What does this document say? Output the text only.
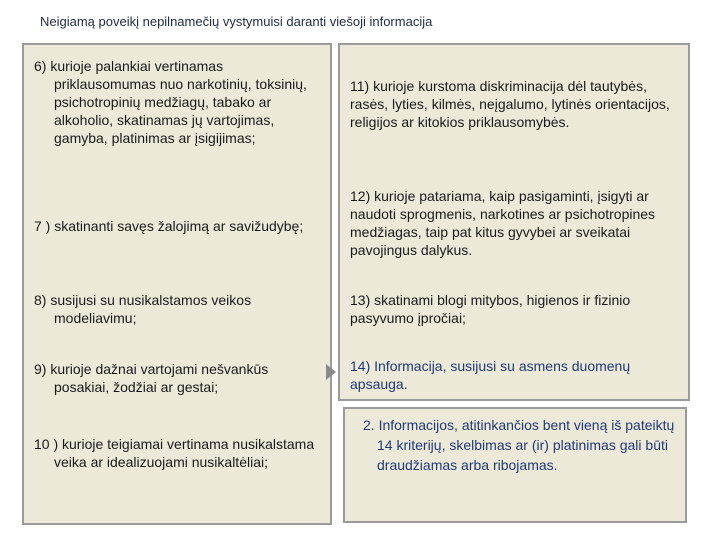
Neigiamą poveikį nepilnamečių vystymuisi daranti viešoji informacija
6) kurioje palankiai vertinamas priklausomumas nuo narkotinių, toksinių, psichotropinių medžiagų, tabako ar alkoholio, skatinamas jų vartojimas, gamyba, platinimas ar įsigijimas;
7 ) skatinanti savęs žalojimą ar savižudybę;
8) susijusi su nusikalstamos veikos modeliavimu;
9) kurioje dažnai vartojami nešvankūs posakiai, žodžiai ar gestai;
10 ) kurioje teigiamai vertinama nusikalstama veika ar idealizuojami nusikaltėliai;
11) kurioje kurstoma diskriminacija dėl tautybės, rasės, lyties, kilmės, neįgalumo, lytinės orientacijos, religijos ar kitokios priklausomybės.
12) kurioje patariama, kaip pasigaminti, įsigyti ar naudoti sprogmenis, narkotines ar psichotropines medžiagas, taip pat kitus gyvybei ar sveikatai pavojingus dalykus.
13) skatinami blogi mitybos, higienos ir fizinio pasyvumo įpročiai;
14) Informacija, susijusi su asmens duomenų apsauga.
2. Informacijos, atitinkančios bent vieną iš pateiktų 14 kriterijų, skelbimas ar (ir) platinimas gali būti draudžiamas arba ribojamas.
